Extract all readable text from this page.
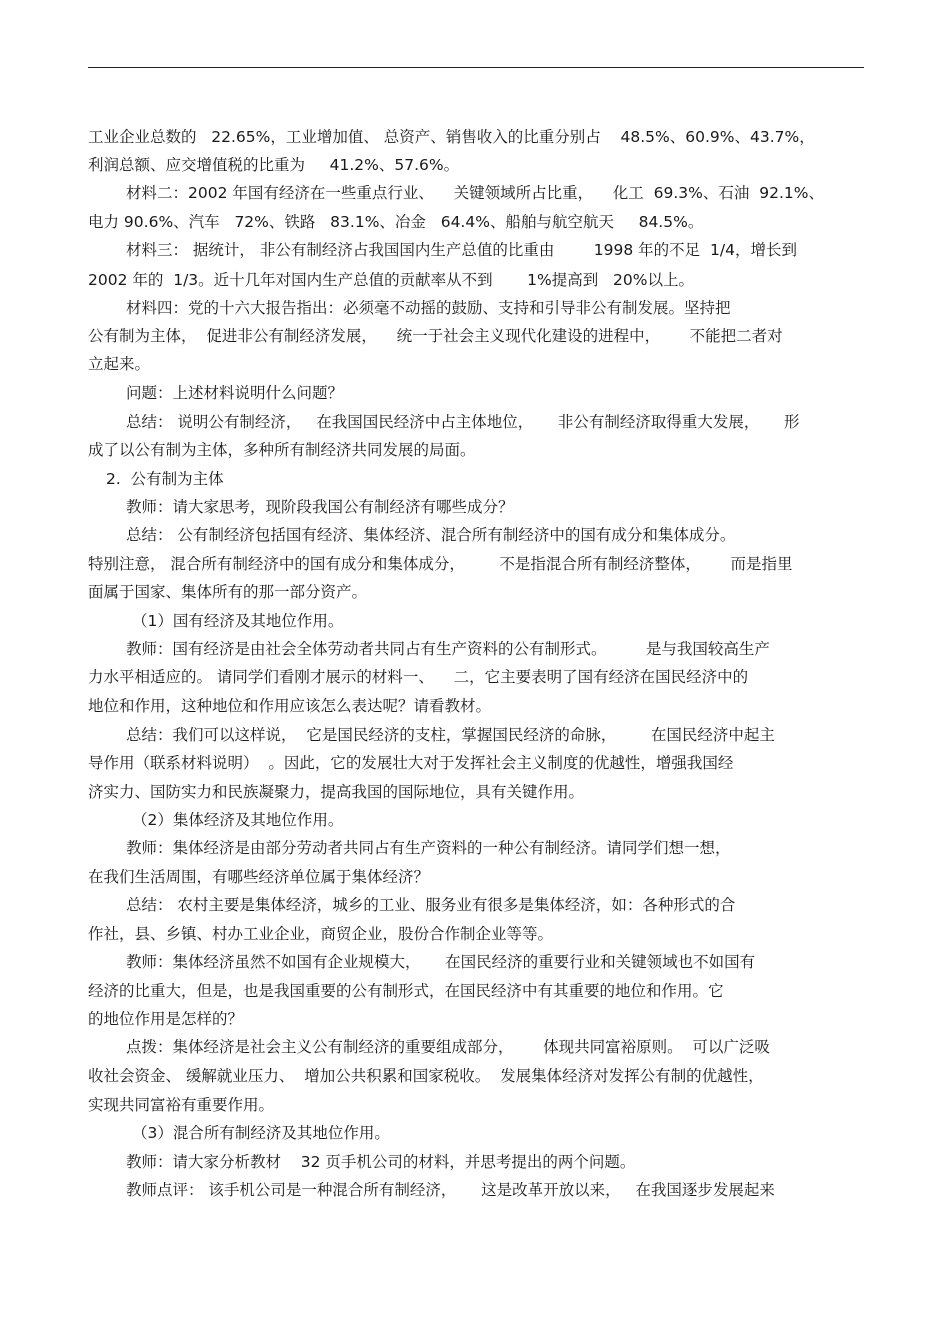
工业企业总数的   22.65%，工业增加值、 总资产、销售收入的比重分别占    48.5%、60.9%、43.7%，
利润总额、应交增值税的比重为     41.2%、57.6%。
材料二：2002 年国有经济在一些重点行业、    关键领域所占比重，    化工  69.3%、石油  92.1%、
电力 90.6%、汽车   72%、铁路   83.1%、冶金   64.4%、船舶与航空航天     84.5%。
材料三： 据统计， 非公有制经济占我国国内生产总值的比重由        1998 年的不足  1/4，增长到
2002 年的  1/3。近十几年对国内生产总值的贡献率从不到       1%提高到   20%以上。
材料四：党的十六大报告指出：必须毫不动摇的鼓励、支持和引导非公有制发展。坚持把
公有制为主体，  促进非公有制经济发展，    统一于社会主义现代化建设的进程中，      不能把二者对
立起来。
问题：上述材料说明什么问题？
总结： 说明公有制经济，   在我国国民经济中占主体地位，     非公有制经济取得重大发展，     形
成了以公有制为主体，多种所有制经济共同发展的局面。
2.  公有制为主体
教师：请大家思考，现阶段我国公有制经济有哪些成分？
总结： 公有制经济包括国有经济、集体经济、混合所有制经济中的国有成分和集体成分。
特别注意， 混合所有制经济中的国有成分和集体成分，       不是指混合所有制经济整体，      而是指里
面属于国家、集体所有的那一部分资产。
（1）国有经济及其地位作用。
教师：国有经济是由社会全体劳动者共同占有生产资料的公有制形式。        是与我国较高生产
力水平相适应的。 请同学们看刚才展示的材料一、    二，它主要表明了国有经济在国民经济中的
地位和作用，这种地位和作用应该怎么表达呢？请看教材。
总结：我们可以这样说，  它是国民经济的支柱，掌握国民经济的命脉，       在国民经济中起主
导作用（联系材料说明）  。因此，它的发展壮大对于发挥社会主义制度的优越性，增强我国经
济实力、国防实力和民族凝聚力，提高我国的国际地位，具有关键作用。
（2）集体经济及其地位作用。
教师：集体经济是由部分劳动者共同占有生产资料的一种公有制经济。请同学们想一想，
在我们生活周围，有哪些经济单位属于集体经济？
总结： 农村主要是集体经济，城乡的工业、服务业有很多是集体经济，如：各种形式的合
作社，县、乡镇、村办工业企业，商贸企业，股份合作制企业等等。
教师：集体经济虽然不如国有企业规模大，     在国民经济的重要行业和关键领域也不如国有
经济的比重大，但是，也是我国重要的公有制形式，在国民经济中有其重要的地位和作用。它
的地位作用是怎样的？
点拨：集体经济是社会主义公有制经济的重要组成部分，      体现共同富裕原则。  可以广泛吸
收社会资金、 缓解就业压力、  增加公共积累和国家税收。  发展集体经济对发挥公有制的优越性，
实现共同富裕有重要作用。
（3）混合所有制经济及其地位作用。
教师：请大家分析教材    32 页手机公司的材料，并思考提出的两个问题。
教师点评： 该手机公司是一种混合所有制经济，     这是改革开放以来，   在我国逐步发展起来
